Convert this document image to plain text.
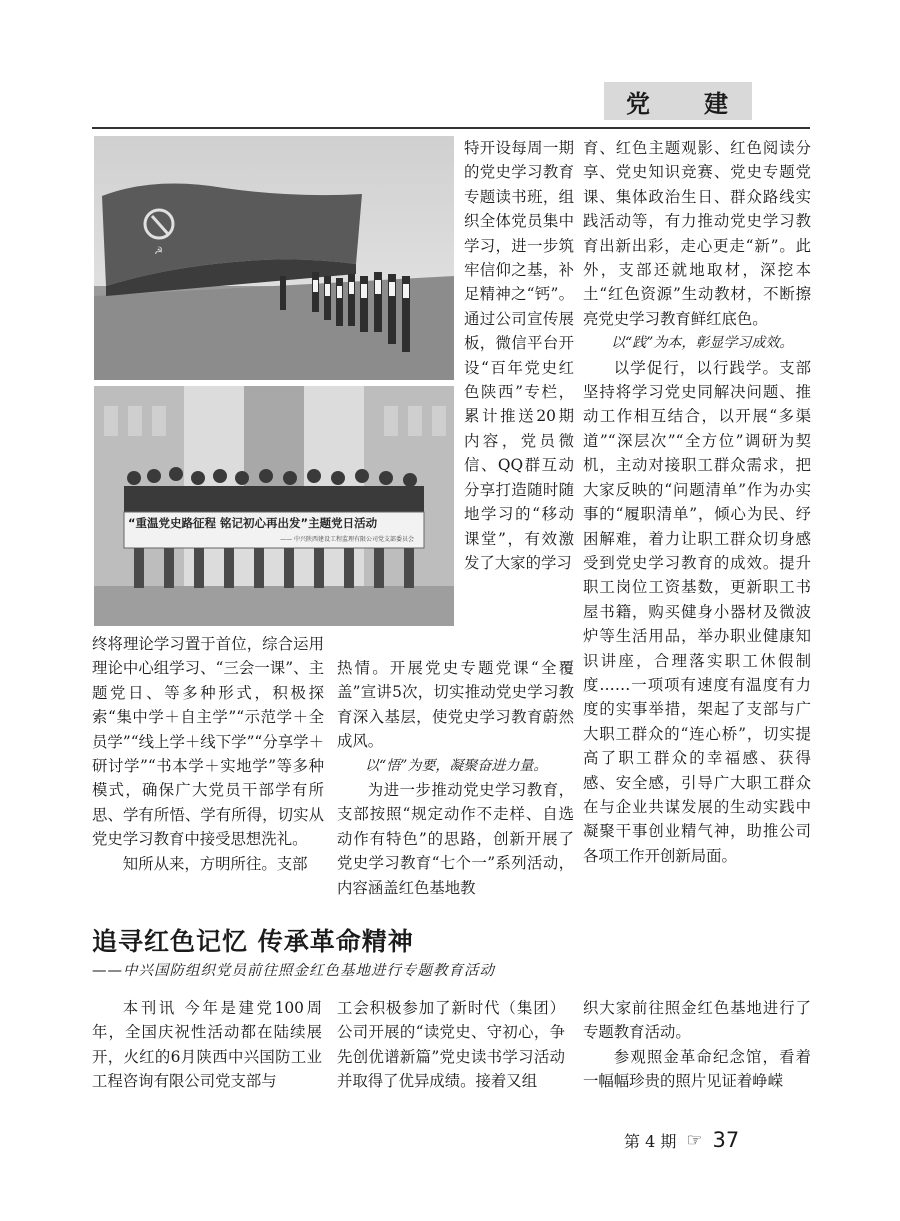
党 建
☭
“重温党史路征程 铭记初心再出发”主题党日活动
—— 中兴陕西建设工程监理有限公司党支部委员会

特开设每周一期的党史学习教育专题读书班，组织全体党员集中学习，进一步筑牢信仰之基，补足精神之“钙”。通过公司宣传展板，微信平台开设“百年党史红色陕西”专栏，累计推送20期内容，党员微信、QQ群互动分享打造随时随地学习的“移动课堂”，有效激发了大家的学习

终将理论学习置于首位，综合运用理论中心组学习、“三会一课”、主题党日、等多种形式，积极探索“集中学＋自主学”“示范学＋全员学”“线上学＋线下学”“分享学＋研讨学”“书本学＋实地学”等多种模式，确保广大党员干部学有所思、学有所悟、学有所得，切实从党史学习教育中接受思想洗礼。

知所从来，方明所往。支部

热情。开展党史专题党课“全覆盖”宣讲5次，切实推动党史学习教育深入基层，使党史学习教育蔚然成风。

以“悟”为要，凝聚奋进力量。

为进一步推动党史学习教育，支部按照“规定动作不走样、自选动作有特色”的思路，创新开展了党史学习教育“七个一”系列活动，内容涵盖红色基地教

育、红色主题观影、红色阅读分享、党史知识竞赛、党史专题党课、集体政治生日、群众路线实践活动等，有力推动党史学习教育出新出彩，走心更走“新”。此外，支部还就地取材，深挖本土“红色资源”生动教材，不断擦亮党史学习教育鲜红底色。

以“践”为本，彰显学习成效。

以学促行，以行践学。支部坚持将学习党史同解决问题、推动工作相互结合，以开展“多渠道”“深层次”“全方位”调研为契机，主动对接职工群众需求，把大家反映的“问题清单”作为办实事的“履职清单”，倾心为民、纾困解难，着力让职工群众切身感受到党史学习教育的成效。提升职工岗位工资基数，更新职工书屋书籍，购买健身小器材及微波炉等生活用品，举办职业健康知识讲座，合理落实职工休假制度……一项项有速度有温度有力度的实事举措，架起了支部与广大职工群众的“连心桥”，切实提高了职工群众的幸福感、获得感、安全感，引导广大职工群众在与企业共谋发展的生动实践中凝聚干事创业精气神，助推公司各项工作开创新局面。

追寻红色记忆 传承革命精神
——中兴国防组织党员前往照金红色基地进行专题教育活动

本刊讯 今年是建党100周年，全国庆祝性活动都在陆续展开，火红的6月陕西中兴国防工业工程咨询有限公司党支部与

工会积极参加了新时代（集团）公司开展的“读党史、守初心，争先创优谱新篇”党史读书学习活动并取得了优异成绩。接着又组

织大家前往照金红色基地进行了专题教育活动。

参观照金革命纪念馆，看着一幅幅珍贵的照片见证着峥嵘

第 4 期 ☞ 37
